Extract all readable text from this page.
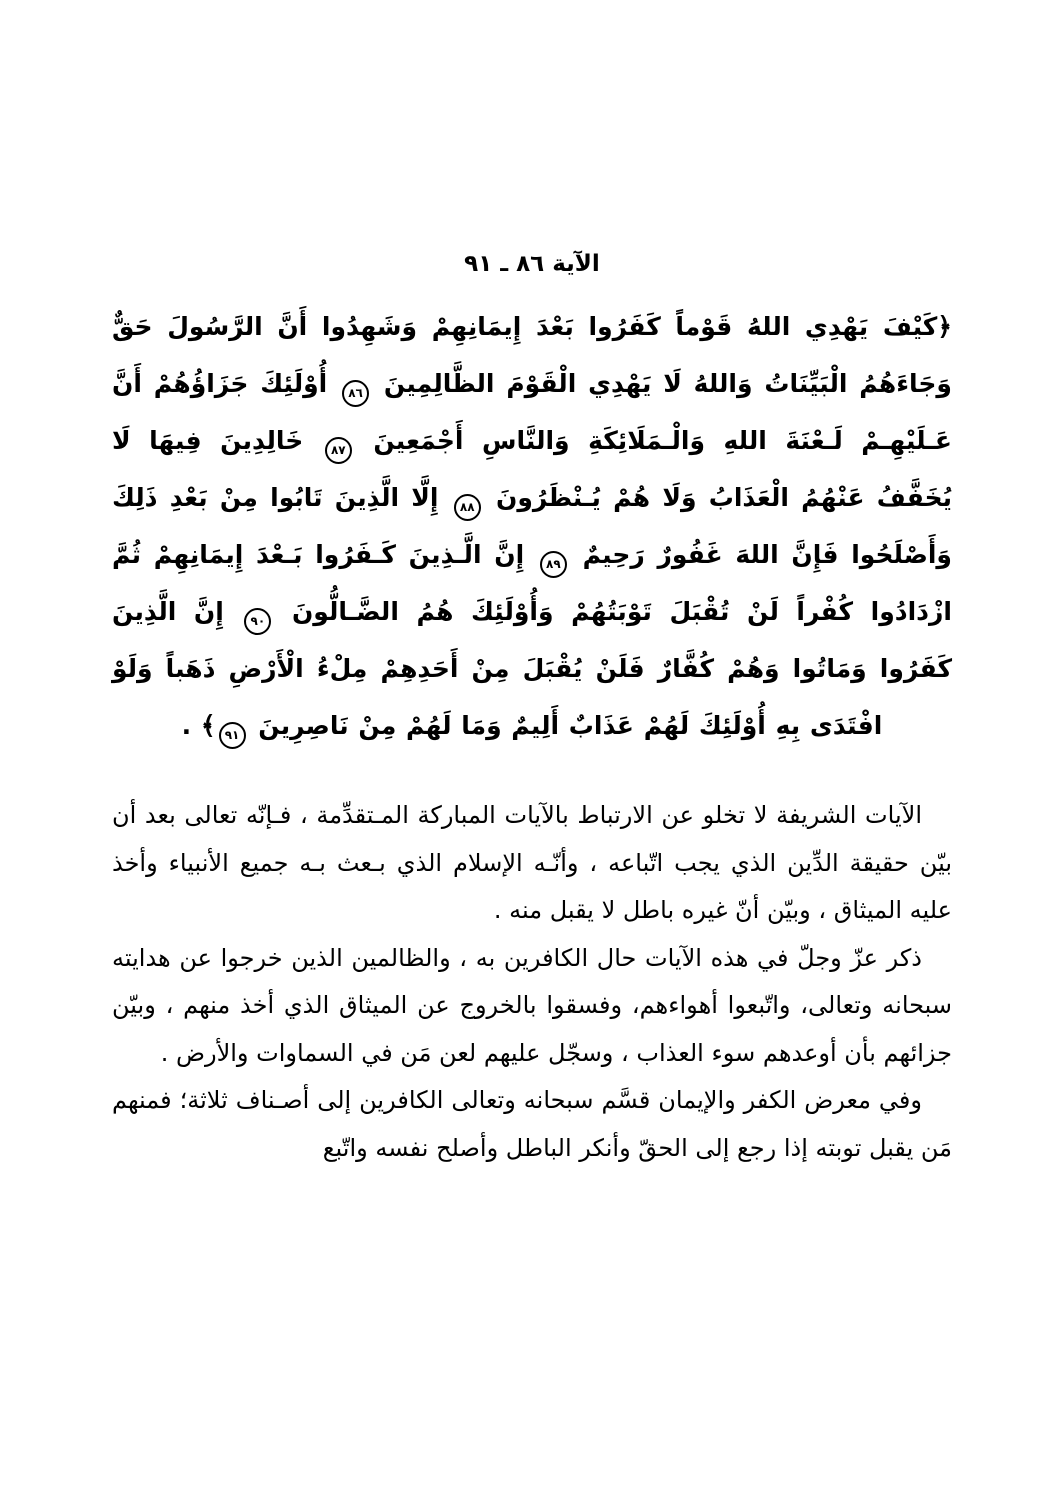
الآية ٨٦ ـ ٩١

﴿كَيْفَ يَهْدِي اللهُ قَوْماً كَفَرُوا بَعْدَ إِيمَانِهِمْ وَشَهِدُوا أَنَّ الرَّسُولَ حَقٌّ وَجَاءَهُمُ الْبَيِّنَاتُ وَاللهُ لَا يَهْدِي الْقَوْمَ الظَّالِمِينَ ٨٦ أُوْلَئِكَ جَزَاؤُهُمْ أَنَّ عَـلَيْهِـمْ لَـعْنَةَ اللهِ وَالْـمَلَائِكَةِ وَالنَّاسِ أَجْمَعِينَ ٨٧ خَالِدِينَ فِيهَا لَا يُخَفَّفُ عَنْهُمُ الْعَذَابُ وَلَا هُمْ يُـنْظَرُونَ ٨٨ إِلَّا الَّذِينَ تَابُوا مِنْ بَعْدِ ذَلِكَ وَأَصْلَحُوا فَإِنَّ اللهَ غَفُورٌ رَحِيمٌ ٨٩ إِنَّ الَّـذِينَ كَـفَرُوا بَـعْدَ إِيمَانِهِمْ ثُمَّ ازْدَادُوا كُفْراً لَنْ تُقْبَلَ تَوْبَتُهُمْ وَأُوْلَئِكَ هُمُ الضَّـالُّونَ ٩٠ إِنَّ الَّذِينَ كَفَرُوا وَمَاتُوا وَهُمْ كُفَّارٌ فَلَنْ يُقْبَلَ مِنْ أَحَدِهِمْ مِلْءُ الْأَرْضِ ذَهَباً وَلَوْ افْتَدَى بِهِ أُوْلَئِكَ لَهُمْ عَذَابٌ أَلِيمٌ وَمَا لَهُمْ مِنْ نَاصِرِينَ ٩١﴾ .

الآيات الشريفة لا تخلو عن الارتباط بالآيات المباركة المـتقدِّمة ، فـإنّه تعالى بعد أن بيّن حقيقة الدِّين الذي يجب اتّباعه ، وأنّـه الإسلام الذي بـعث بـه جميع الأنبياء وأخذ عليه الميثاق ، وبيّن أنّ غيره باطل لا يقبل منه .

ذكر عزّ وجلّ في هذه الآيات حال الكافرين به ، والظالمين الذين خرجوا عن هدايته سبحانه وتعالى، واتّبعوا أهواءهم، وفسقوا بالخروج عن الميثاق الذي أخذ منهم ، وبيّن جزائهم بأن أوعدهم سوء العذاب ، وسجّل عليهم لعن مَن في السماوات والأرض .

وفي معرض الكفر والإيمان قسَّم سبحانه وتعالى الكافرين إلى أصـناف ثلاثة؛ فمنهم مَن يقبل توبته إذا رجع إلى الحقّ وأنكر الباطل وأصلح نفسه واتّبع
